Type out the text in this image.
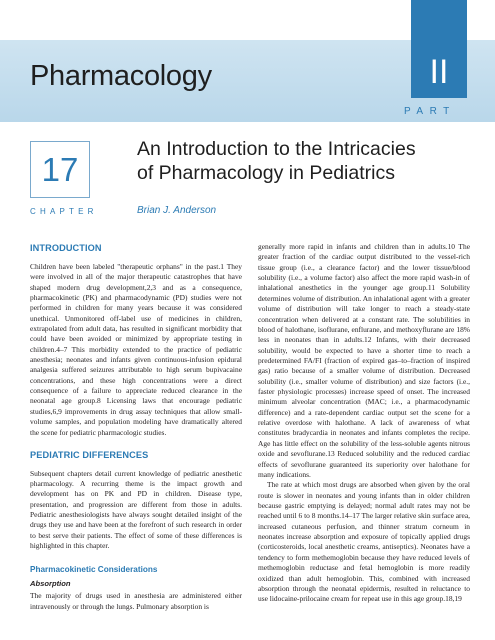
Pharmacology	II
PART
17
CHAPTER
An Introduction to the Intricacies
of Pharmacology in Pediatrics

Brian J. Anderson

INTRODUCTION

Children have been labeled "therapeutic orphans" in the past.1 They were involved in all of the major therapeutic catastrophes that have shaped modern drug development,2,3 and as a consequence, pharmacokinetic (PK) and pharmacodynamic (PD) studies were not performed in children for many years because it was considered unethical. Unmonitored off-label use of medicines in children, extrapolated from adult data, has resulted in significant morbidity that could have been avoided or minimized by appropriate testing in children.4–7 This morbidity extended to the practice of pediatric anesthesia; neonates and infants given continuous-infusion epidural analgesia suffered seizures attributable to high serum bupivacaine concentrations, and these high concentrations were a direct consequence of a failure to appreciate reduced clearance in the neonatal age group.8 Licensing laws that encourage pediatric studies,6,9 improvements in drug assay techniques that allow small-volume samples, and population modeling have dramatically altered the scene for pediatric pharmacologic studies.

PEDIATRIC DIFFERENCES

Subsequent chapters detail current knowledge of pediatric anesthetic pharmacology. A recurring theme is the impact growth and development has on PK and PD in children. Disease type, presentation, and progression are different from those in adults. Pediatric anesthesiologists have always sought detailed insight of the drugs they use and have been at the forefront of such research in order to best serve their patients. The effect of some of these differences is highlighted in this chapter.

Pharmacokinetic Considerations
Absorption

The majority of drugs used in anesthesia are administered either intravenously or through the lungs. Pulmonary absorption is

generally more rapid in infants and children than in adults.10 The greater fraction of the cardiac output distributed to the vessel-rich tissue group (i.e., a clearance factor) and the lower tissue/blood solubility (i.e., a volume factor) also affect the more rapid wash-in of inhalational anesthetics in the younger age group.11 Solubility determines volume of distribution. An inhalational agent with a greater volume of distribution will take longer to reach a steady-state concentration when delivered at a constant rate. The solubilities in blood of halothane, isoflurane, enflurane, and methoxyflurane are 18% less in neonates than in adults.12 Infants, with their decreased solubility, would be expected to have a shorter time to reach a predetermined FA/FI (fraction of expired gas–to–fraction of inspired gas) ratio because of a smaller volume of distribution. Decreased solubility (i.e., smaller volume of distribution) and size factors (i.e., faster physiologic processes) increase speed of onset. The increased minimum alveolar concentration (MAC; i.e., a pharmacodynamic difference) and a rate-dependent cardiac output set the scene for a relative overdose with halothane. A lack of awareness of what constitutes bradycardia in neonates and infants completes the recipe. Age has little effect on the solubility of the less-soluble agents nitrous oxide and sevoflurane.13 Reduced solubility and the reduced cardiac effects of sevoflurane guaranteed its superiority over halothane for many indications.

The rate at which most drugs are absorbed when given by the oral route is slower in neonates and young infants than in older children because gastric emptying is delayed; normal adult rates may not be reached until 6 to 8 months.14–17 The larger relative skin surface area, increased cutaneous perfusion, and thinner stratum corneum in neonates increase absorption and exposure of topically applied drugs (corticosteroids, local anesthetic creams, antiseptics). Neonates have a tendency to form methemoglobin because they have reduced levels of methemoglobin reductase and fetal hemoglobin is more readily oxidized than adult hemoglobin. This, combined with increased absorption through the neonatal epidermis, resulted in reluctance to use lidocaine-prilocaine cream for repeat use in this age group.18,19
